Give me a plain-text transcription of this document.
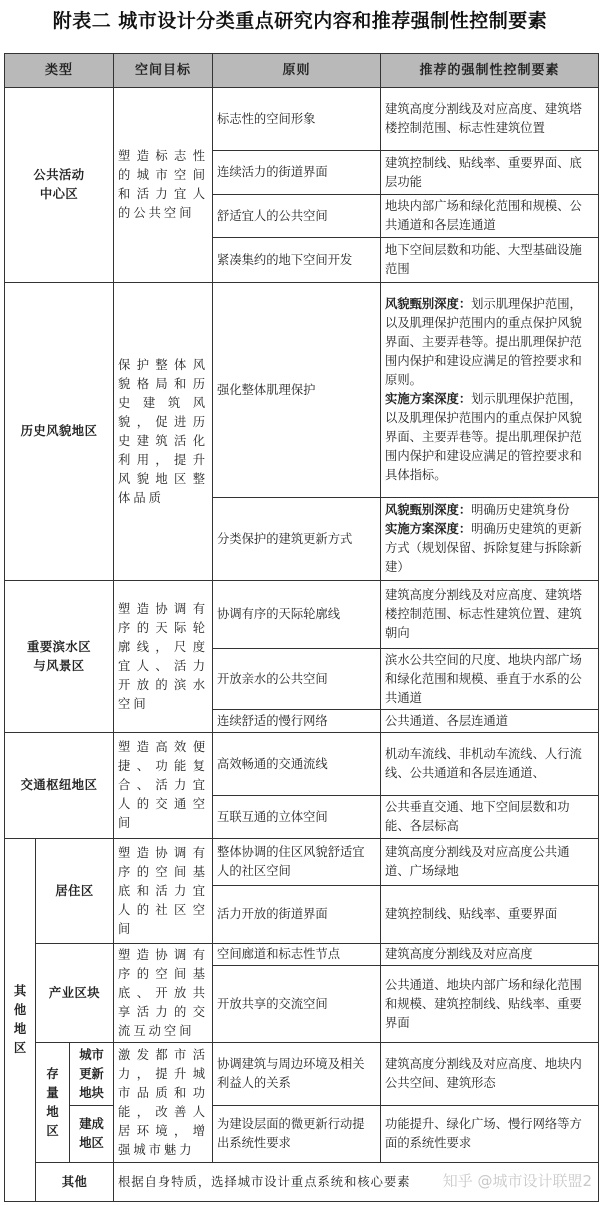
附表二 城市设计分类重点研究内容和推荐强制性控制要素
类型			空间目标	原则	推荐的强制性控制要素
公共活动中心区			塑造标志性的城市空间和活力宜人的公共空间	标志性的空间形象	建筑高度分割线及对应高度、建筑塔楼控制范围、标志性建筑位置
				连续活力的街道界面	建筑控制线、贴线率、重要界面、底层功能
				舒适宜人的公共空间	地块内部广场和绿化范围和规模、公共通道和各层连通道
				紧凑集约的地下空间开发	地下空间层数和功能、大型基础设施范围
历史风貌地区			保护整体风貌格局和历史建筑风貌，促进历史建筑活化利用，提升风貌地区整体品质	强化整体肌理保护	风貌甄别深度：划示肌理保护范围，以及肌理保护范围内的重点保护风貌界面、主要弄巷等。提出肌理保护范围内保护和建设应满足的管控要求和原则。
实施方案深度：划示肌理保护范围，以及肌理保护范围内的重点保护风貌界面、主要弄巷等。提出肌理保护范围内保护和建设应满足的管控要求和具体指标。
				分类保护的建筑更新方式	风貌甄别深度：明确历史建筑身份
实施方案深度：明确历史建筑的更新方式（规划保留、拆除复建与拆除新建）
重要滨水区与风景区			塑造协调有序的天际轮廓线，尺度宜人、活力开放的滨水空间	协调有序的天际轮廓线	建筑高度分割线及对应高度、建筑塔楼控制范围、标志性建筑位置、建筑朝向
				开放亲水的公共空间	滨水公共空间的尺度、地块内部广场和绿化范围和规模、垂直于水系的公共通道
				连续舒适的慢行网络	公共通道、各层连通道
交通枢纽地区			塑造高效便捷、功能复合、活力宜人的交通空间	高效畅通的交通流线	机动车流线、非机动车流线、人行流线、公共通道和各层连通道、
				互联互通的立体空间	公共垂直交通、地下空间层数和功能、各层标高
其他地区	居住区		塑造协调有序的空间基底和活力宜人的社区空间	整体协调的住区风貌舒适宜人的社区空间	建筑高度分割线及对应高度公共通道、广场绿地
				活力开放的街道界面	建筑控制线、贴线率、重要界面
	产业区块		塑造协调有序的空间基底、开放共享活力的交流互动空间	空间廊道和标志性节点	建筑高度分割线及对应高度
				开放共享的交流空间	公共通道、地块内部广场和绿化范围和规模、建筑控制线、贴线率、重要界面
	存量地区	城市更新地块	激发都市活力，提升城市品质和功能，改善人居环境，增强城市魅力	协调建筑与周边环境及相关利益人的关系	建筑高度分割线及对应高度、地块内公共空间、建筑形态
		建成地区		为建设层面的微更新行动提出系统性要求	功能提升、绿化广场、慢行网络等方面的系统性要求
	其他		根据自身特质，选择城市设计重点系统和核心要素 知乎 @城市设计联盟2		
